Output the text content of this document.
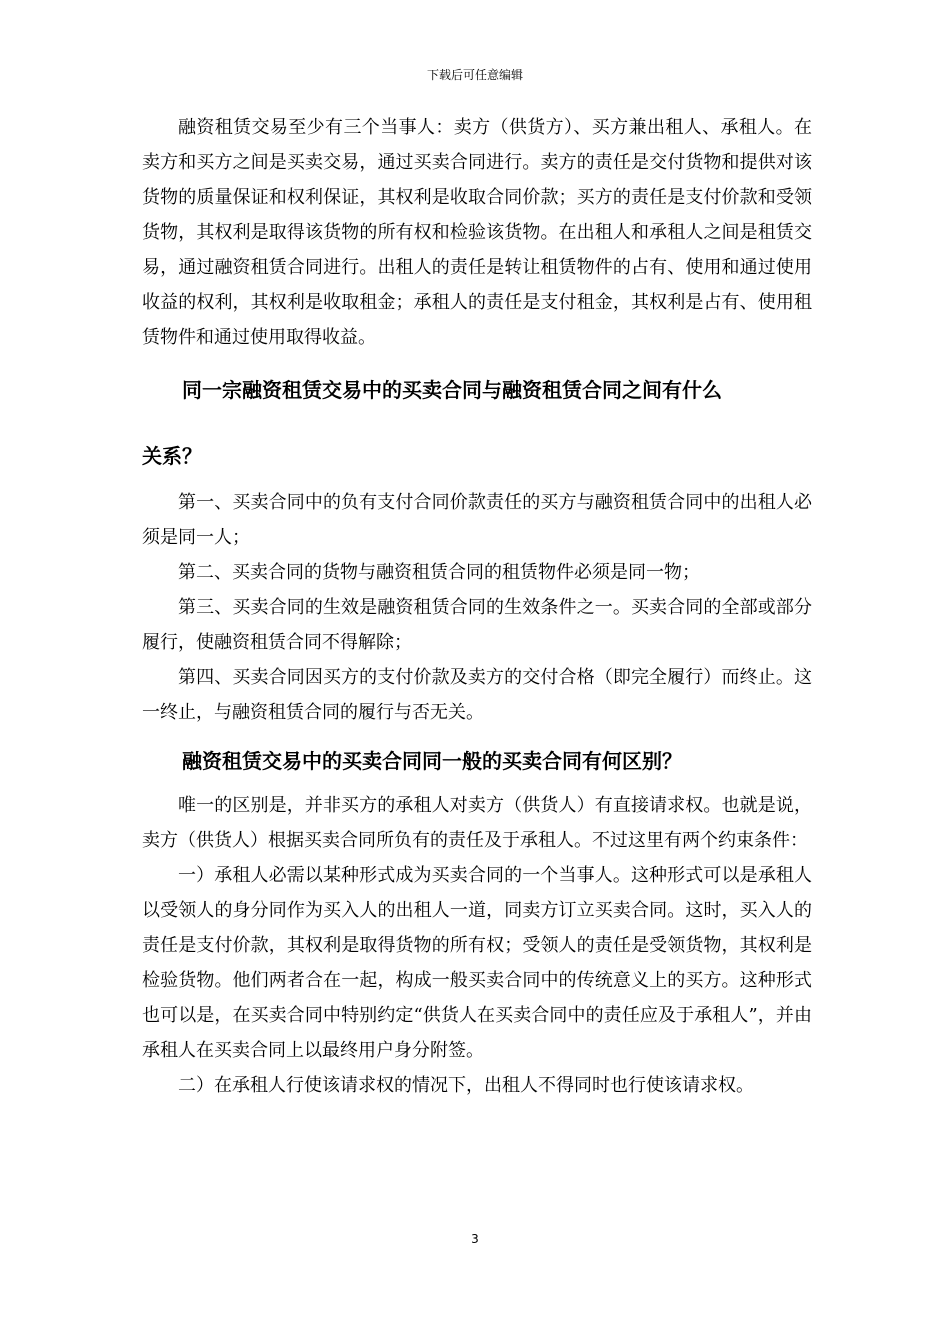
下载后可任意编辑

融资租赁交易至少有三个当事人：卖方（供货方）、买方兼出租人、承租人。在卖方和买方之间是买卖交易，通过买卖合同进行。卖方的责任是交付货物和提供对该货物的质量保证和权利保证，其权利是收取合同价款；买方的责任是支付价款和受领货物，其权利是取得该货物的所有权和检验该货物。在出租人和承租人之间是租赁交易，通过融资租赁合同进行。出租人的责任是转让租赁物件的占有、使用和通过使用收益的权利，其权利是收取租金；承租人的责任是支付租金，其权利是占有、使用租赁物件和通过使用取得收益。

同一宗融资租赁交易中的买卖合同与融资租赁合同之间有什么

关系？

第一、买卖合同中的负有支付合同价款责任的买方与融资租赁合同中的出租人必须是同一人；

第二、买卖合同的货物与融资租赁合同的租赁物件必须是同一物；

第三、买卖合同的生效是融资租赁合同的生效条件之一。买卖合同的全部或部分履行，使融资租赁合同不得解除；

第四、买卖合同因买方的支付价款及卖方的交付合格（即完全履行）而终止。这一终止，与融资租赁合同的履行与否无关。

融资租赁交易中的买卖合同同一般的买卖合同有何区别？

唯一的区别是，并非买方的承租人对卖方（供货人）有直接请求权。也就是说，卖方（供货人）根据买卖合同所负有的责任及于承租人。不过这里有两个约束条件：

一）承租人必需以某种形式成为买卖合同的一个当事人。这种形式可以是承租人以受领人的身分同作为买入人的出租人一道，同卖方订立买卖合同。这时，买入人的责任是支付价款，其权利是取得货物的所有权；受领人的责任是受领货物，其权利是检验货物。他们两者合在一起，构成一般买卖合同中的传统意义上的买方。这种形式也可以是，在买卖合同中特别约定“供货人在买卖合同中的责任应及于承租人”，并由承租人在买卖合同上以最终用户身分附签。

二）在承租人行使该请求权的情况下，出租人不得同时也行使该请求权。

3
